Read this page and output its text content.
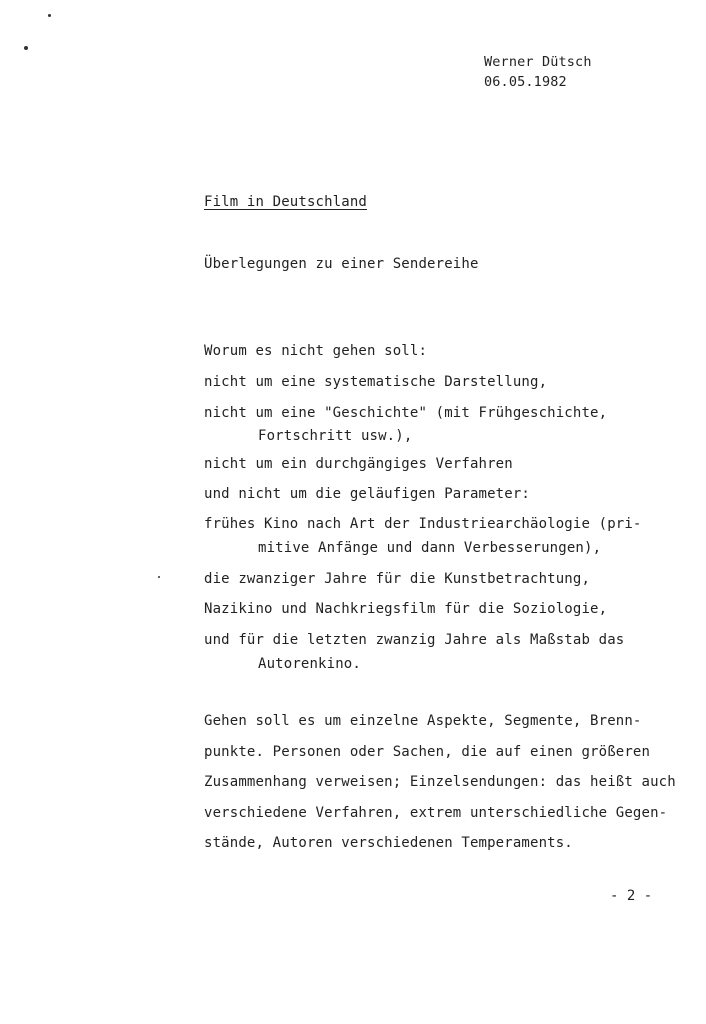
Werner Dütsch
06.05.1982
Film in Deutschland
Überlegungen zu einer Sendereihe
Worum es nicht gehen soll:
nicht um eine systematische Darstellung,
nicht um eine "Geschichte" (mit Frühgeschichte,
Fortschritt usw.),
nicht um ein durchgängiges Verfahren
und nicht um die geläufigen Parameter:
frühes Kino nach Art der Industriearchäologie (pri-
mitive Anfänge und dann Verbesserungen),
die zwanziger Jahre für die Kunstbetrachtung,
Nazikino und Nachkriegsfilm für die Soziologie,
und für die letzten zwanzig Jahre als Maßstab das
Autorenkino.
Gehen soll es um einzelne Aspekte, Segmente, Brenn-
punkte. Personen oder Sachen, die auf einen größeren
Zusammenhang verweisen; Einzelsendungen: das heißt auch
verschiedene Verfahren, extrem unterschiedliche Gegen-
stände, Autoren verschiedenen Temperaments.
- 2 -
